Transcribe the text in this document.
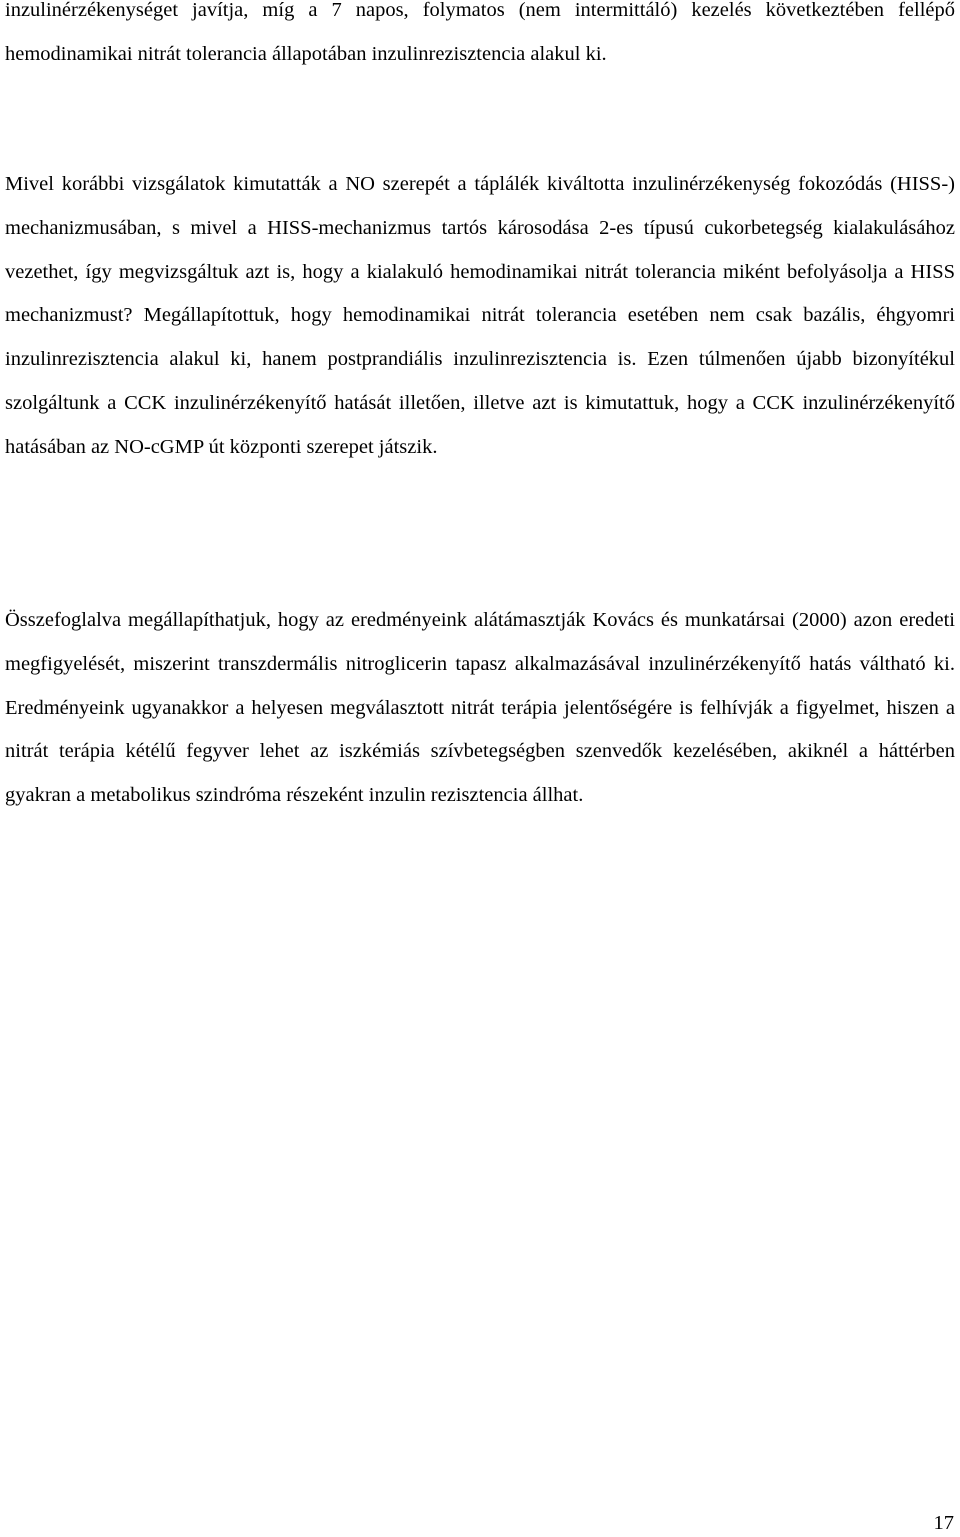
inzulinérzékenységet javítja, míg a 7 napos, folymatos (nem intermittáló) kezelés következtében fellépő hemodinamikai nitrát tolerancia állapotában inzulinrezisztencia alakul ki.

Mivel korábbi vizsgálatok kimutatták a NO szerepét a táplálék kiváltotta inzulinérzékenység fokozódás (HISS-) mechanizmusában, s mivel a HISS-mechanizmus tartós károsodása 2-es típusú cukorbetegség kialakulásához vezethet, így megvizsgáltuk azt is, hogy a kialakuló hemodinamikai nitrát tolerancia miként befolyásolja a HISS mechanizmust? Megállapítottuk, hogy hemodinamikai nitrát tolerancia esetében nem csak bazális, éhgyomri inzulinrezisztencia alakul ki, hanem postprandiális inzulinrezisztencia is. Ezen túlmenően újabb bizonyítékul szolgáltunk a CCK inzulinérzékenyítő hatását illetően, illetve azt is kimutattuk, hogy a CCK inzulinérzékenyítő hatásában az NO-cGMP út központi szerepet játszik.

Összefoglalva megállapíthatjuk, hogy az eredményeink alátámasztják Kovács és munkatársai (2000) azon eredeti megfigyelését, miszerint transzdermális nitroglicerin tapasz alkalmazásával inzulinérzékenyítő hatás váltható ki. Eredményeink ugyanakkor a helyesen megválasztott nitrát terápia jelentőségére is felhívják a figyelmet, hiszen a nitrát terápia kétélű fegyver lehet az iszkémiás szívbetegségben szenvedők kezelésében, akiknél a háttérben gyakran a metabolikus szindróma részeként inzulin rezisztencia állhat.

17
